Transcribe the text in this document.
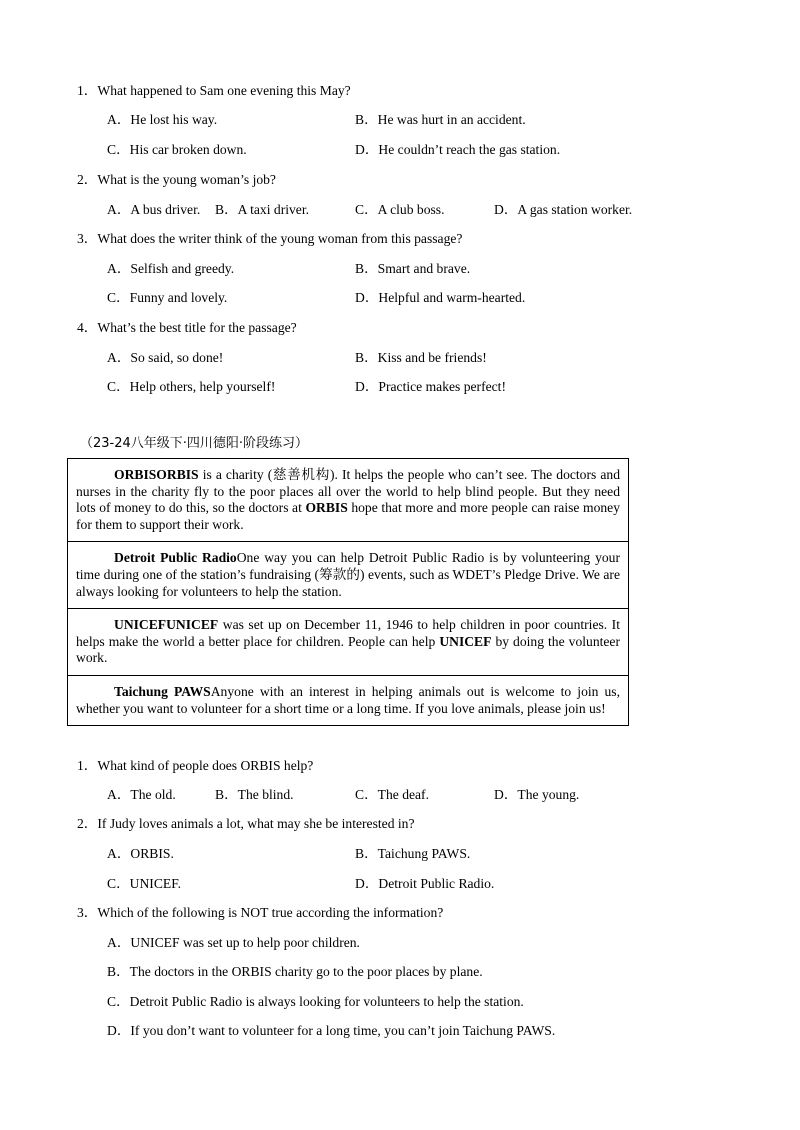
1．What happened to Sam one evening this May?
A．He lost his way.	B．He was hurt in an accident.
C．His car broken down.	D．He couldn’t reach the gas station.
2．What is the young woman’s job?
A．A bus driver. B．A taxi driver.	C．A club boss.	D．A gas station worker.
3．What does the writer think of the young woman from this passage?
A．Selfish and greedy.	B．Smart and brave.
C．Funny and lovely.	D．Helpful and warm-hearted.
4．What’s the best title for the passage?
A．So said, so done!	B．Kiss and be friends!
C．Help others, help yourself!	D．Practice makes perfect!
（23-24八年级下·四川德阳·阶段练习）
ORBISORBIS is a charity (慈善机构). It helps the people who can’t see. The doctors and nurses in the charity fly to the poor places all over the world to help blind people. But they need lots of money to do this, so the doctors at ORBIS hope that more and more people can raise money for them to support their work.
Detroit Public RadioOne way you can help Detroit Public Radio is by volunteering your time during one of the station’s fundraising (筹款的) events, such as WDET’s Pledge Drive. We are always looking for volunteers to help the station.
UNICEFUNICEF was set up on December 11, 1946 to help children in poor countries. It helps make the world a better place for children. People can help UNICEF by doing the volunteer work.
Taichung PAWSAnyone with an interest in helping animals out is welcome to join us, whether you want to volunteer for a short time or a long time. If you love animals, please join us!
1．What kind of people does ORBIS help?
A．The old.	B．The blind.	C．The deaf.	D．The young.
2．If Judy loves animals a lot, what may she be interested in?
A．ORBIS.	B．Taichung PAWS.
C．UNICEF.	D．Detroit Public Radio.
3．Which of the following is NOT true according the information?
A．UNICEF was set up to help poor children.
B．The doctors in the ORBIS charity go to the poor places by plane.
C．Detroit Public Radio is always looking for volunteers to help the station.
D．If you don’t want to volunteer for a long time, you can’t join Taichung PAWS.
